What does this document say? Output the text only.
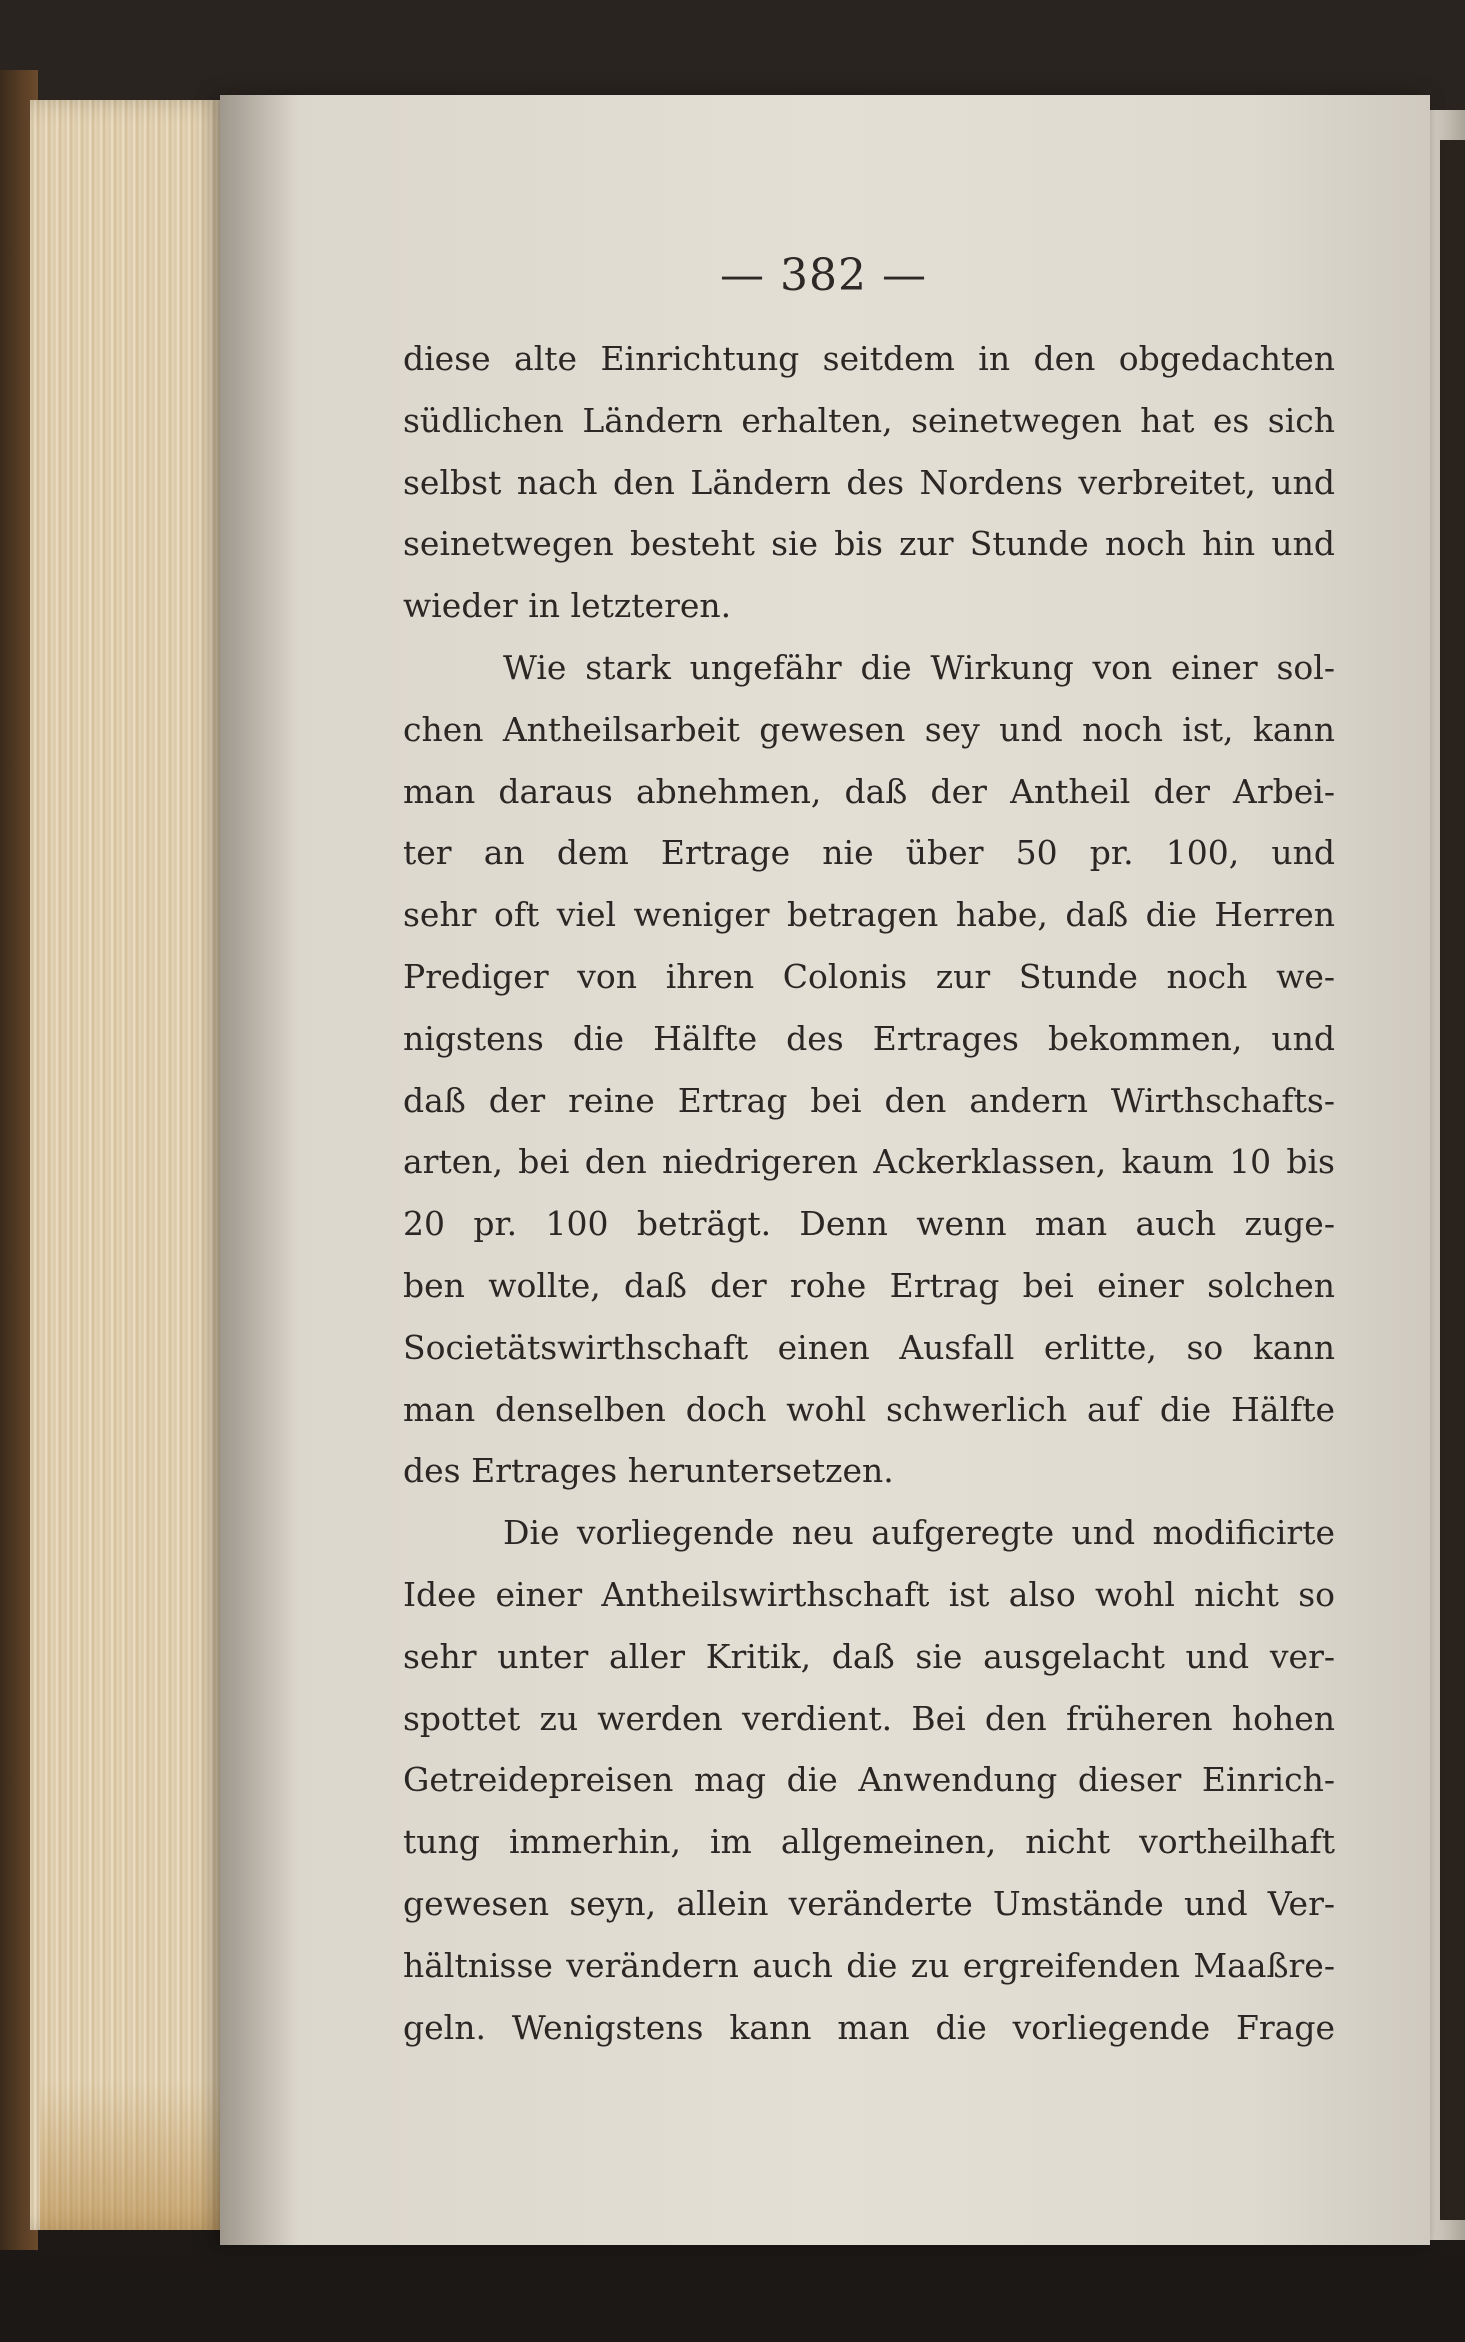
— 382 —
diese alte Einrichtung seitdem in den obgedachten
südlichen Ländern erhalten, seinetwegen hat es sich
selbst nach den Ländern des Nordens verbreitet, und
seinetwegen besteht sie bis zur Stunde noch hin und
wieder in letzteren.
Wie stark ungefähr die Wirkung von einer sol-
chen Antheilsarbeit gewesen sey und noch ist, kann
man daraus abnehmen, daß der Antheil der Arbei-
ter an dem Ertrage nie über 50 pr. 100, und
sehr oft viel weniger betragen habe, daß die Herren
Prediger von ihren Colonis zur Stunde noch we-
nigstens die Hälfte des Ertrages bekommen, und
daß der reine Ertrag bei den andern Wirthschafts-
arten, bei den niedrigeren Ackerklassen, kaum 10 bis
20 pr. 100 beträgt. Denn wenn man auch zuge-
ben wollte, daß der rohe Ertrag bei einer solchen
Societätswirthschaft einen Ausfall erlitte, so kann
man denselben doch wohl schwerlich auf die Hälfte
des Ertrages heruntersetzen.
Die vorliegende neu aufgeregte und modificirte
Idee einer Antheilswirthschaft ist also wohl nicht so
sehr unter aller Kritik, daß sie ausgelacht und ver-
spottet zu werden verdient. Bei den früheren hohen
Getreidepreisen mag die Anwendung dieser Einrich-
tung immerhin, im allgemeinen, nicht vortheilhaft
gewesen seyn, allein veränderte Umstände und Ver-
hältnisse verändern auch die zu ergreifenden Maaßre-
geln. Wenigstens kann man die vorliegende Frage
